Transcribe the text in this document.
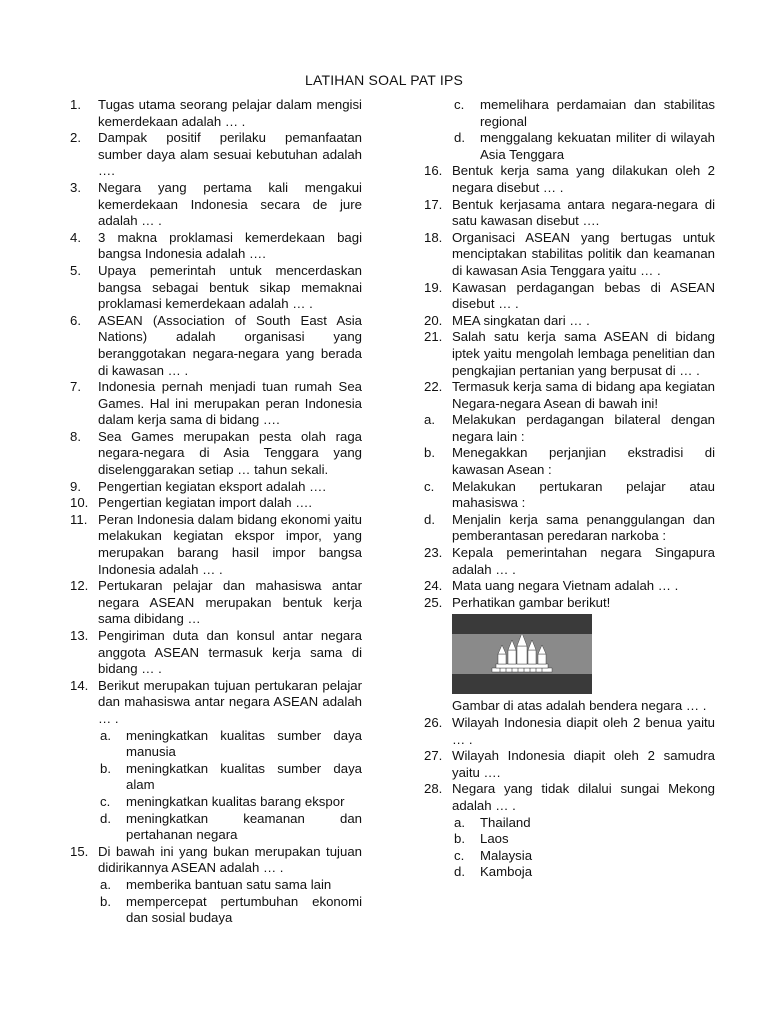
LATIHAN SOAL PAT IPS
1.	Tugas utama seorang pelajar dalam mengisi kemerdekaan adalah … .
2.	Dampak positif perilaku pemanfaatan sumber daya alam sesuai kebutuhan adalah ….
3.	Negara yang pertama kali mengakui kemerdekaan Indonesia secara de jure adalah … .
4.	3 makna proklamasi kemerdekaan bagi bangsa Indonesia adalah ….
5.	Upaya pemerintah untuk mencerdaskan bangsa sebagai bentuk sikap memaknai proklamasi kemerdekaan adalah … .
6.	ASEAN (Association of South East Asia Nations) adalah organisasi yang beranggotakan negara-negara yang berada di kawasan … .
7.	Indonesia pernah menjadi tuan rumah Sea Games. Hal ini merupakan peran Indonesia dalam kerja sama di bidang ….
8.	Sea Games merupakan pesta olah raga negara-negara di Asia Tenggara yang diselenggarakan setiap … tahun sekali.
9.	Pengertian kegiatan eksport adalah ….
10. Pengertian kegiatan import dalah ….
11. Peran Indonesia dalam bidang ekonomi yaitu melakukan kegiatan ekspor impor, yang merupakan barang hasil impor bangsa Indonesia adalah … .
12. Pertukaran pelajar dan mahasiswa antar negara ASEAN merupakan bentuk kerja sama dibidang …
13. Pengiriman duta dan konsul antar negara anggota ASEAN termasuk kerja sama di bidang … .
14. Berikut merupakan tujuan pertukaran pelajar dan mahasiswa antar negara ASEAN adalah … .
a.	meningkatkan kualitas sumber daya manusia
b.	meningkatkan kualitas sumber daya alam
c.	meningkatkan kualitas barang ekspor
d.	meningkatkan keamanan dan pertahanan negara
15. Di bawah ini yang bukan merupakan tujuan didirikannya ASEAN adalah … .
a.	memberika bantuan satu sama lain
b.	mempercepat pertumbuhan ekonomi dan sosial budaya
c.	memelihara perdamaian dan stabilitas regional
d.	menggalang kekuatan militer di wilayah Asia Tenggara
16. Bentuk kerja sama yang dilakukan oleh 2 negara disebut … .
17. Bentuk kerjasama antara negara-negara di satu kawasan disebut ….
18. Organisaci ASEAN yang bertugas untuk menciptakan stabilitas politik dan keamanan di kawasan Asia Tenggara yaitu … .
19. Kawasan perdagangan bebas di ASEAN disebut … .
20. MEA singkatan dari … .
21. Salah satu kerja sama ASEAN di bidang iptek yaitu mengolah lembaga penelitian dan pengkajian pertanian yang berpusat di … .
22. Termasuk kerja sama di bidang apa kegiatan Negara-negara Asean di bawah ini!
a.	Melakukan perdagangan bilateral dengan negara lain :
b.	Menegakkan perjanjian ekstradisi di kawasan Asean :
c.	Melakukan pertukaran pelajar atau mahasiswa :
d.	Menjalin kerja sama penanggulangan dan pemberantasan peredaran narkoba :
23. Kepala pemerintahan negara Singapura adalah … .
24. Mata uang negara Vietnam adalah … .
25. Perhatikan gambar berikut!
Gambar di atas adalah bendera negara … .
26. Wilayah Indonesia diapit oleh 2 benua yaitu … .
27. Wilayah Indonesia diapit oleh 2 samudra yaitu ….
28. Negara yang tidak dilalui sungai Mekong adalah … .
a.	Thailand
b.	Laos
c.	Malaysia
d.	Kamboja
